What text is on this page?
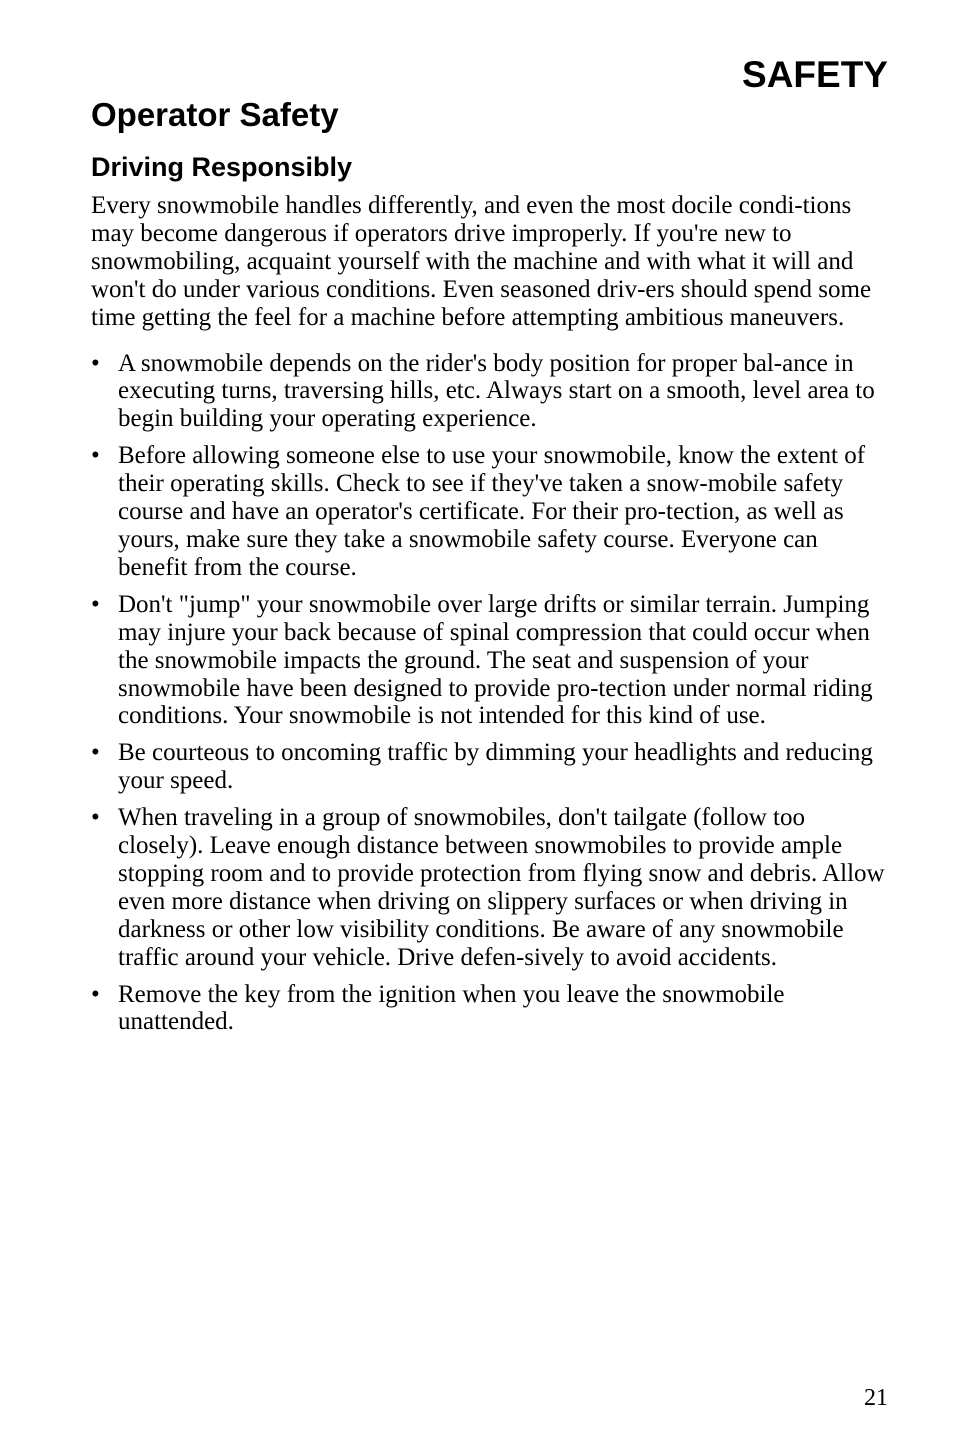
SAFETY
Operator Safety
Driving Responsibly

Every snowmobile handles differently, and even the most docile condi-tions may become dangerous if operators drive improperly. If you're new to snowmobiling, acquaint yourself with the machine and with what it will and won't do under various conditions. Even seasoned driv-ers should spend some time getting the feel for a machine before attempting ambitious maneuvers.

• A snowmobile depends on the rider's body position for proper bal-ance in executing turns, traversing hills, etc. Always start on a smooth, level area to begin building your operating experience.
• Before allowing someone else to use your snowmobile, know the extent of their operating skills. Check to see if they've taken a snow-mobile safety course and have an operator's certificate. For their pro-tection, as well as yours, make sure they take a snowmobile safety course. Everyone can benefit from the course.
• Don't "jump" your snowmobile over large drifts or similar terrain. Jumping may injure your back because of spinal compression that could occur when the snowmobile impacts the ground. The seat and suspension of your snowmobile have been designed to provide pro-tection under normal riding conditions. Your snowmobile is not intended for this kind of use.
• Be courteous to oncoming traffic by dimming your headlights and reducing your speed.
• When traveling in a group of snowmobiles, don't tailgate (follow too closely). Leave enough distance between snowmobiles to provide ample stopping room and to provide protection from flying snow and debris. Allow even more distance when driving on slippery surfaces or when driving in darkness or other low visibility conditions. Be aware of any snowmobile traffic around your vehicle. Drive defen-sively to avoid accidents.
• Remove the key from the ignition when you leave the snowmobile unattended.
21
